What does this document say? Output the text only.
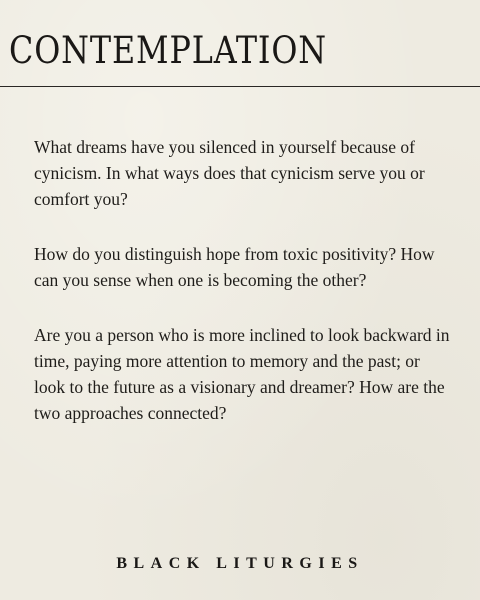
CONTEMPLATION

What dreams have you silenced in yourself because of cynicism. In what ways does that cynicism serve you or comfort you?

How do you distinguish hope from toxic positivity? How can you sense when one is becoming the other?

Are you a person who is more inclined to look backward in time, paying more attention to memory and the past; or look to the future as a visionary and dreamer? How are the two approaches connected?

BLACK LITURGIES
